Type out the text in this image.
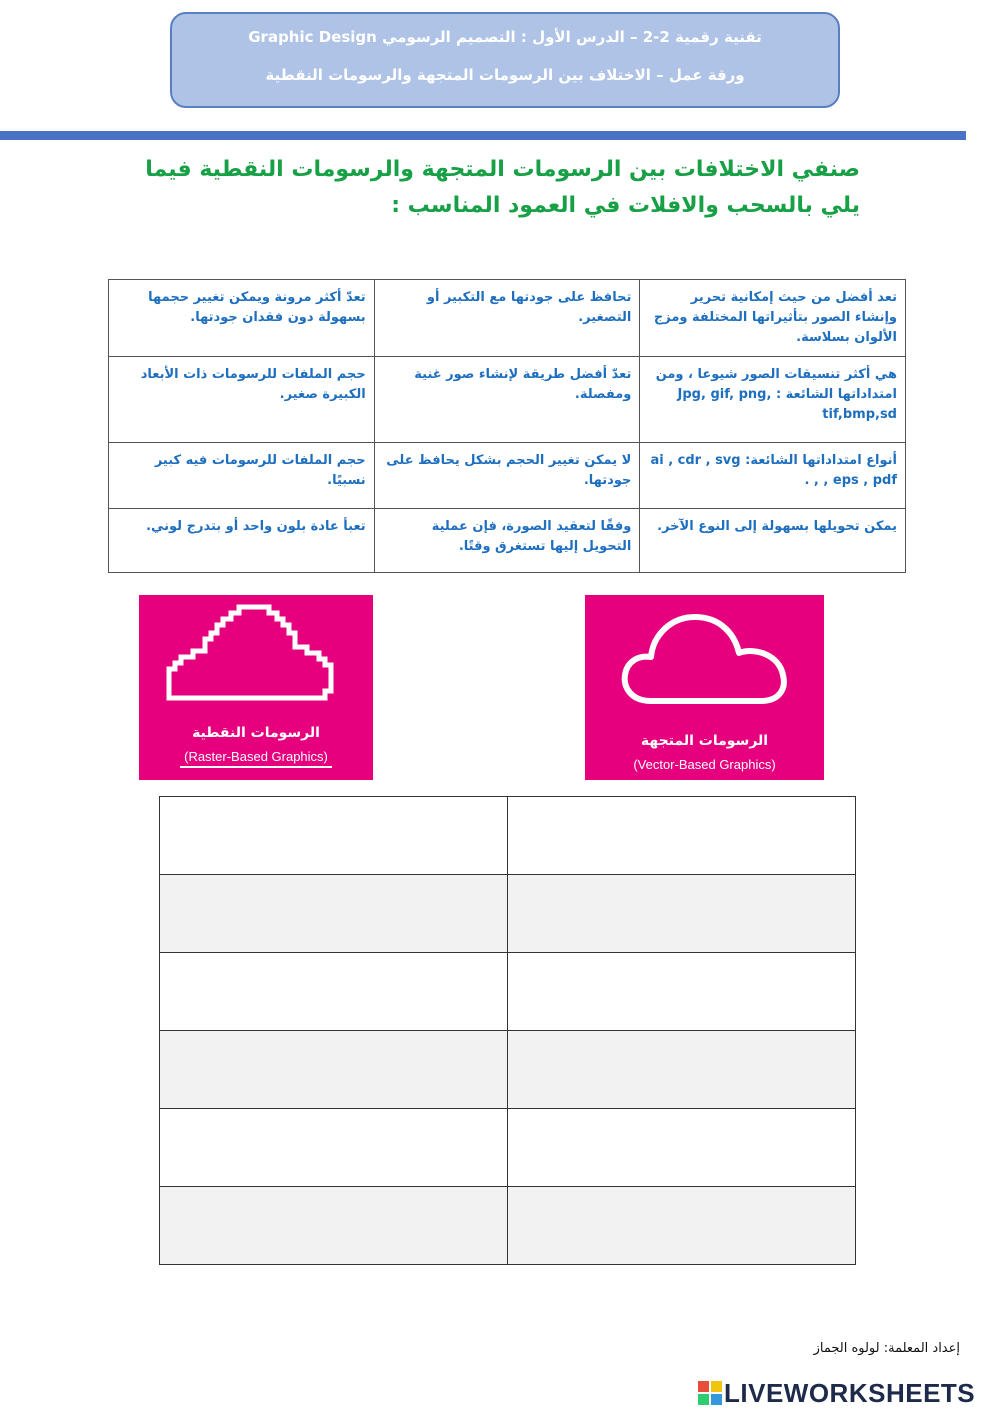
تقنية رقمية 2-2 – الدرس الأول : التصميم الرسومي Graphic Design
ورقة عمل – الاختلاف بين الرسومات المتجهة والرسومات النقطية
صنفي الاختلافات بين الرسومات المتجهة والرسومات النقطية فيما يلي بالسحب والافلات في العمود المناسب :
تعد أفضل من حيث إمكانية تحرير وإنشاء الصور بتأثيراتها المختلفة ومزج الألوان بسلاسة.	تحافظ على جودتها مع التكبير أو التصغير.	تعدّ أكثر مرونة ويمكن تغيير حجمها بسهولة دون فقدان جودتها.
هي أكثر تنسيقات الصور شيوعا ، ومن امتداداتها الشائعة : Jpg, gif, png, tif,bmp,sd	تعدّ أفضل طريقة لإنشاء صور غنية ومفصلة.	حجم الملفات للرسومات ذات الأبعاد الكبيرة صغير.
أنواع امتداداتها الشائعة: ai , cdr , svg , eps , pdf , .	لا يمكن تغيير الحجم بشكل يحافظ على جودتها.	حجم الملفات للرسومات فيه كبير نسبيًا.
يمكن تحويلها بسهولة إلى النوع الآخر.	وفقًا لتعقيد الصورة، فإن عملية التحويل إليها تستغرق وقتًا.	تعبأ عادة بلون واحد أو بتدرج لوني.
الرسومات النقطية
(Raster-Based Graphics)
الرسومات المتجهة
(Vector-Based Graphics)

إعداد المعلمة: لولوه الجماز
LIVEWORKSHEETS
